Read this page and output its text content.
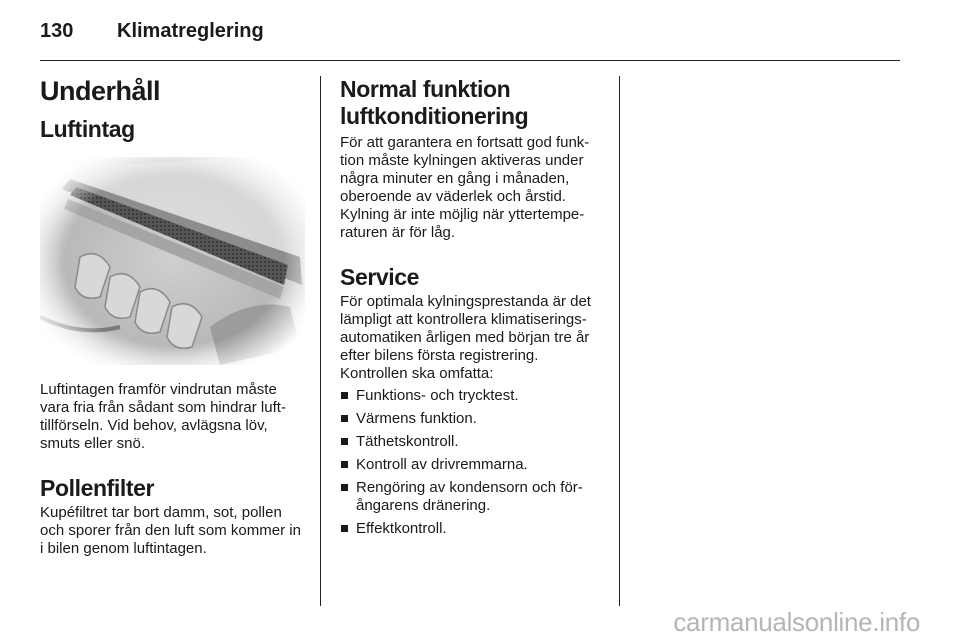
130 Klimatreglering
Underhåll
Luftintag

Luftintagen framför vindrutan måste vara fria från sådant som hindrar luft-tillförseln. Vid behov, avlägsna löv, smuts eller snö.

Pollenfilter

Kupéfiltret tar bort damm, sot, pollen och sporer från den luft som kommer in i bilen genom luftintagen.

Normal funktion luftkonditionering

För att garantera en fortsatt god funk-tion måste kylningen aktiveras under några minuter en gång i månaden, oberoende av väderlek och årstid. Kylning är inte möjlig när yttertempe-raturen är för låg.

Service

För optimala kylningsprestanda är det lämpligt att kontrollera klimatiserings-automatiken årligen med början tre år efter bilens första registrering. Kontrollen ska omfatta:

Funktions- och trycktest.
Värmens funktion.
Täthetskontroll.
Kontroll av drivremmarna.
Rengöring av kondensorn och för-ångarens dränering.
Effektkontroll.
carmanualsonline.info
